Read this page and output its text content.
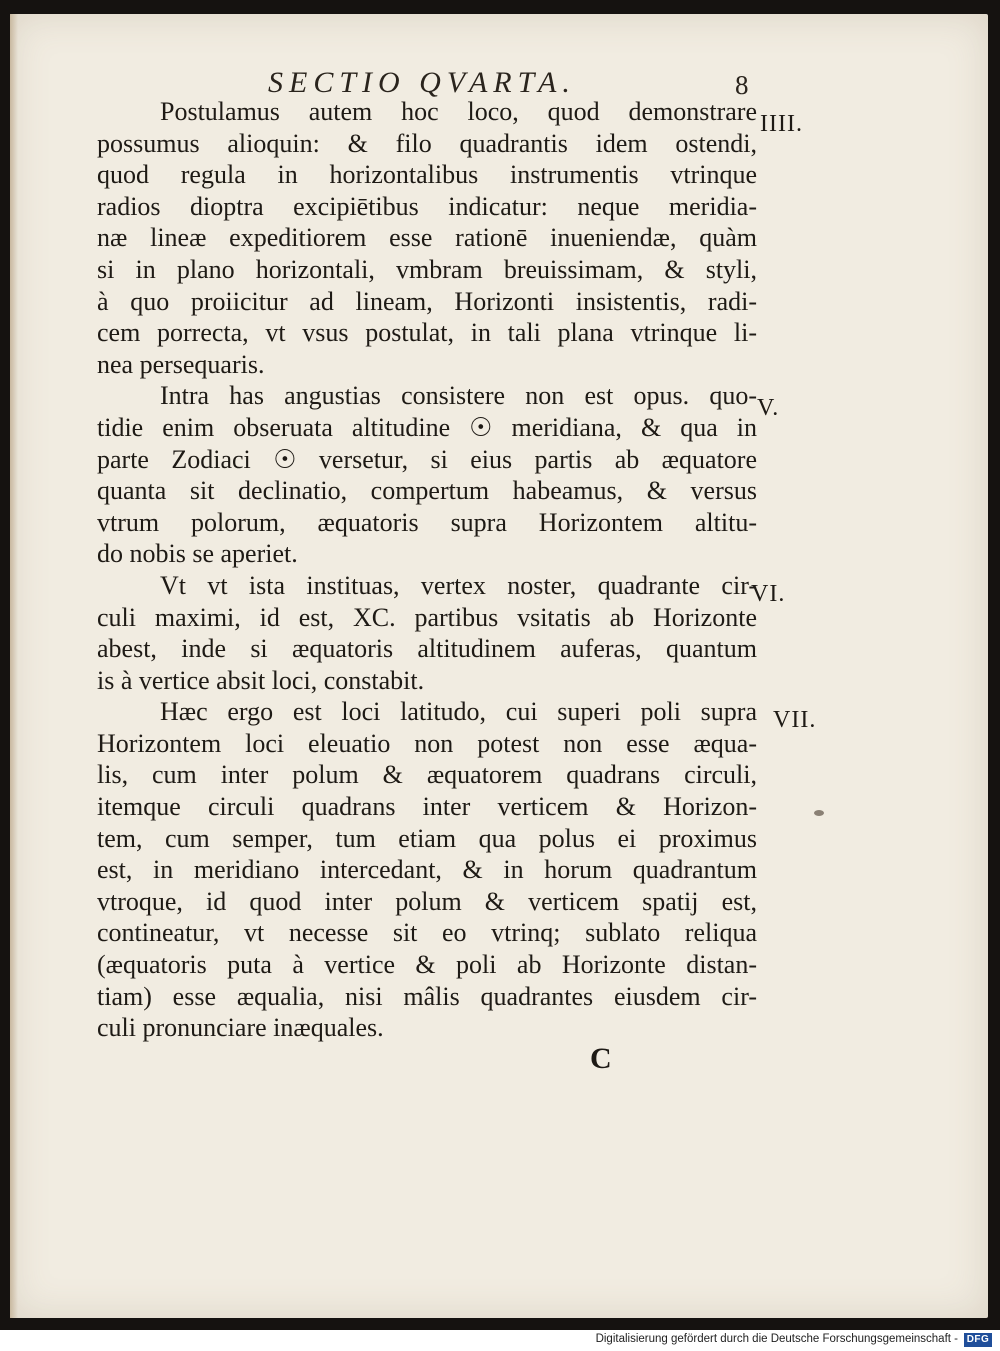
SECTIO QVARTA.	8
Postulamus autem hoc loco, quod demonstrare
possumus alioquin: & filo quadrantis idem ostendi,
quod regula in horizontalibus instrumentis vtrinque
radios dioptra excipiētibus indicatur: neque meridia-
næ lineæ expeditiorem esse rationē inueniendæ, quàm
si in plano horizontali, vmbram breuissimam, & styli,
à quo proiicitur ad lineam, Horizonti insistentis, radi-
cem porrecta, vt vsus postulat, in tali plana vtrinque li-
nea persequaris.
Intra has angustias consistere non est opus. quo-
tidie enim obseruata altitudine ☉ meridiana, & qua in
parte Zodiaci ☉ versetur, si eius partis ab æquatore
quanta sit declinatio, compertum habeamus, & versus
vtrum polorum, æquatoris supra Horizontem altitu-
do nobis se aperiet.
Vt vt ista instituas, vertex noster, quadrante cir-
culi maximi, id est, XC. partibus vsitatis ab Horizonte
abest, inde si æquatoris altitudinem auferas, quantum
is à vertice absit loci, constabit.
Hæc ergo est loci latitudo, cui superi poli supra
Horizontem loci eleuatio non potest non esse æqua-
lis, cum inter polum & æquatorem quadrans circuli,
itemque circuli quadrans inter verticem & Horizon-
tem, cum semper, tum etiam qua polus ei proximus
est, in meridiano intercedant, & in horum quadrantum
vtroque, id quod inter polum & verticem spatij est,
contineatur, vt necesse sit eo vtrinq; sublato reliqua
(æquatoris puta à vertice & poli ab Horizonte distan-
tiam) esse æqualia, nisi mâlis quadrantes eiusdem cir-
culi pronunciare inæquales.
IIII.
V.
VI.
VII.
C
Digitalisierung gefördert durch die Deutsche Forschungsgemeinschaft - DFG
